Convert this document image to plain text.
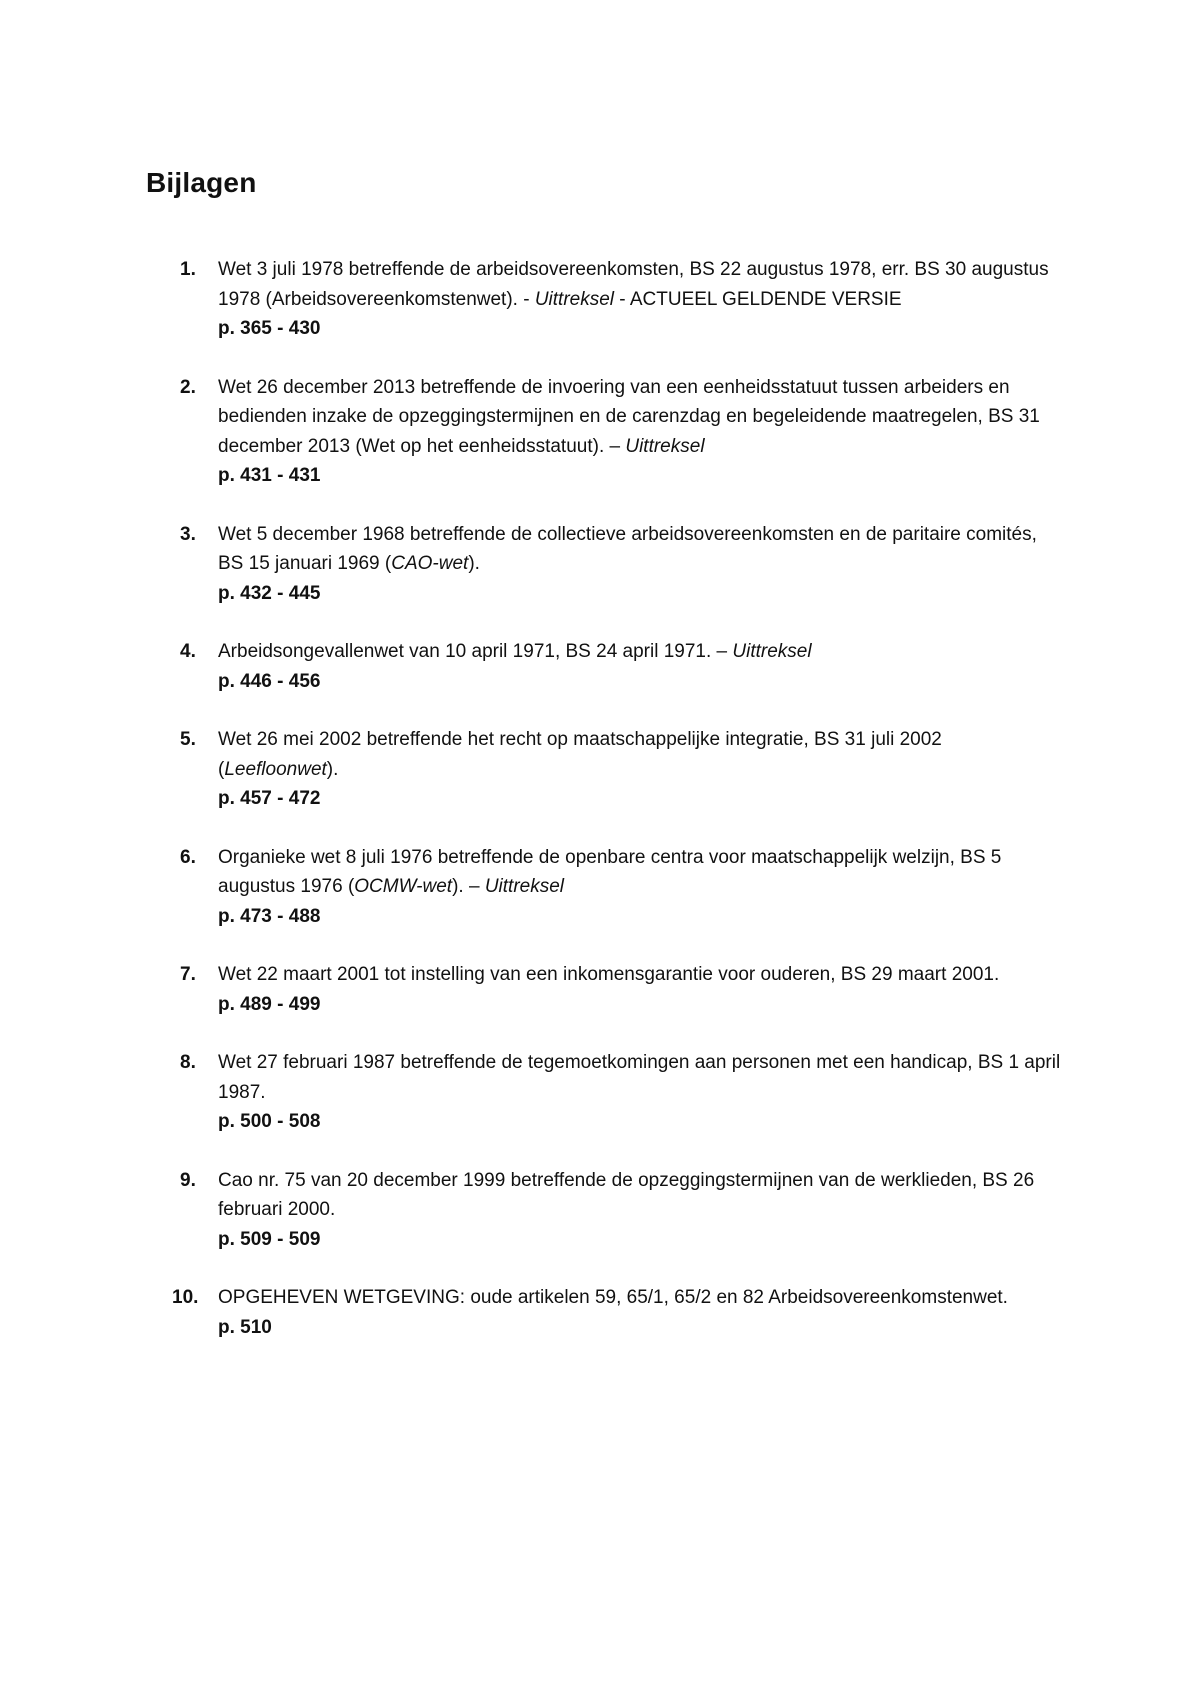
Bijlagen
1. Wet 3 juli 1978 betreffende de arbeidsovereenkomsten, BS 22 augustus 1978, err. BS 30 augustus 1978 (Arbeidsovereenkomstenwet). - Uittreksel - ACTUEEL GELDENDE VERSIE
p. 365 - 430
2. Wet 26 december 2013 betreffende de invoering van een eenheidsstatuut tussen arbeiders en bedienden inzake de opzeggingstermijnen en de carenzdag en begeleidende maatregelen, BS 31 december 2013 (Wet op het eenheidsstatuut). – Uittreksel
p. 431 - 431
3. Wet 5 december 1968 betreffende de collectieve arbeidsovereenkomsten en de paritaire comités, BS 15 januari 1969 (CAO-wet).
p. 432 - 445
4. Arbeidsongevallenwet van 10 april 1971, BS 24 april 1971. – Uittreksel
p. 446 - 456
5. Wet 26 mei 2002 betreffende het recht op maatschappelijke integratie, BS 31 juli 2002 (Leefloonwet).
p. 457 - 472
6. Organieke wet 8 juli 1976 betreffende de openbare centra voor maatschappelijk welzijn, BS 5 augustus 1976 (OCMW-wet). – Uittreksel
p. 473 - 488
7. Wet 22 maart 2001 tot instelling van een inkomensgarantie voor ouderen, BS 29 maart 2001.
p. 489 - 499
8. Wet 27 februari 1987 betreffende de tegemoetkomingen aan personen met een handicap, BS 1 april 1987.
p. 500 - 508
9. Cao nr. 75 van 20 december 1999 betreffende de opzeggingstermijnen van de werklieden, BS 26 februari 2000.
p. 509 - 509
10. OPGEHEVEN WETGEVING: oude artikelen 59, 65/1, 65/2 en 82 Arbeidsovereenkomstenwet.
p. 510
